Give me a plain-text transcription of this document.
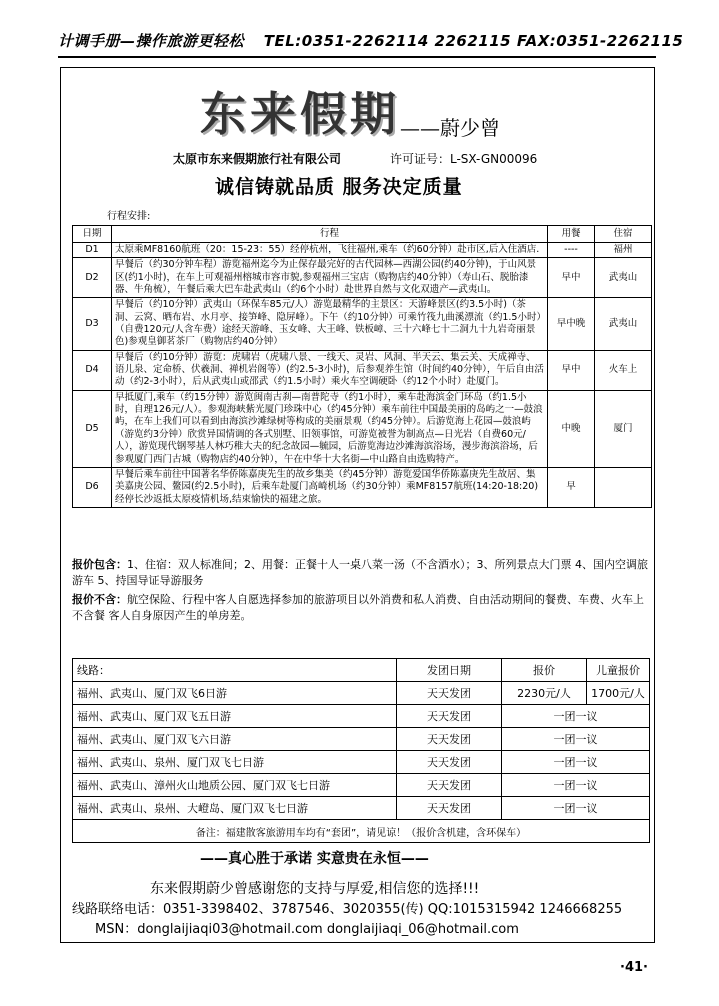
计调手册—操作旅游更轻松 TEL:0351-2262114 2262115 FAX:0351-2262115
东来假期 ——蔚少曾
太原市东来假期旅行社有限公司	许可证号：L-SX-GN00096
诚信铸就品质 服务决定质量
行程安排:
日期	行程	用餐	住宿
D1	太原乘MF8160航班（20：15-23：55）经停杭州，飞往福州,乘车（约60分钟）赴市区,后入住酒店.	----	福州
D2	早餐后（约30分钟车程）游览福州迄今为止保存最完好的古代园林—西湖公园(约40分钟)，于山风景区(约1小时)，在车上可观福州榕城市容市貌,参观福州三宝店（购物店约40分钟）（寿山石、脱胎漆器、牛角梳），午餐后乘大巴车赴武夷山（约6个小时）赴世界自然与文化双遗产—武夷山。	早中	武夷山
D3	早餐后（约10分钟）武夷山（环保车85元/人）游览最精华的主景区：天游峰景区(约3.5小时)（茶洞、云窝、晒布岩、水月亭、接笋峰、隐屏峰）。下午（约10分钟）可乘竹筏九曲溪漂流（约1.5小时）（自费120元/人含车费）途经天游峰、玉女峰、大王峰、铁板嶂、三十六峰七十二洞九十九岩奇丽景色)参观皇御茗茶厂（购物店约40分钟）	早中晚	武夷山
D4	早餐后（约10分钟）游览：虎啸岩（虎啸八景、一线天、灵岩、风洞、半天云、集云关、天成禅寺、语儿泉、定命桥、伏羲洞、禅机岩阁等）(约2.5-3小时)，后参观养生馆（时间约40分钟），午后自由活动（约2-3小时），后从武夷山或邵武（约1.5小时）乘火车空调硬卧（约12个小时）赴厦门。	早中	火车上
D5	早抵厦门,乘车（约15分钟）游览闽南古刹—南普陀寺（约1小时），乘车赴海滨金门环岛（约1.5小时，自理126元/人）。参观海峡紫光厦门珍珠中心（约45分钟）乘车前往中国最美丽的岛屿之一—鼓浪屿，在车上我们可以看到由海滨沙滩绿树等构成的美丽景观（约45分钟）。后游览海上花园—鼓浪屿（游览约3分钟）欣赏异国情调的各式别墅、旧领事馆，可游览被誉为制高点—日光岩（自费60元/人），游览现代钢琴基人林巧稚大夫的纪念故园—毓园，后游览海边沙滩海滨浴场，漫步海滨浴场，后参观厦门西门古城（购物店约40分钟），午在中华十大名街—中山路自由选购特产。	中晚	厦门
D6	早餐后乘车前往中国著名华侨陈嘉庚先生的故乡集美（约45分钟）游览爱国华侨陈嘉庚先生故居、集美嘉庚公园、鳌园(约2.5小时)，后乘车赴厦门高崎机场（约30分钟）乘MF8157航班(14:20-18:20)经停长沙返抵太原疫情机场,结束愉快的福建之旅。	早	
报价包含：1、住宿：双人标准间；2、用餐：正餐十人一桌八菜一汤（不含酒水）；3、所列景点大门票 4、国内空调旅游车 5、持国导证导游服务
报价不含：航空保险、行程中客人自愿选择参加的旅游项目以外消费和私人消费、自由活动期间的餐费、车费、火车上不含餐 客人自身原因产生的单房差。
线路：	发团日期	报价	儿童报价
福州、武夷山、厦门双飞6日游	天天发团	2230元/人	1700元/人
福州、武夷山、厦门双飞五日游	天天发团	一团一议	
福州、武夷山、厦门双飞六日游	天天发团	一团一议	
福州、武夷山、泉州、厦门双飞七日游	天天发团	一团一议	
福州、武夷山、漳州火山地质公园、厦门双飞七日游	天天发团	一团一议	
福州、武夷山、泉州、大嶝岛、厦门双飞七日游	天天发团	一团一议	
备注：福建散客旅游用车均有“套团”，请见谅！（报价含机建，含环保车）			
——真心胜于承诺 实意贵在永恒——
东来假期蔚少曾感谢您的支持与厚爱,相信您的选择!!!
线路联络电话：0351-3398402、3787546、3020355(传) QQ:1015315942 1246668255
MSN：donglaijiaqi03@hotmail.com donglaijiaqi_06@hotmail.com
·41·
